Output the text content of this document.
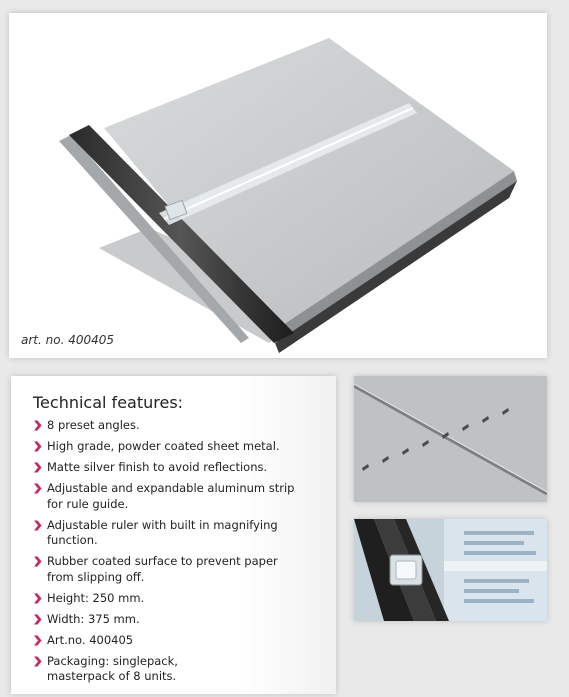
art. no. 400405
Technical features:
8 preset angles.
High grade, powder coated sheet metal.
Matte silver finish to avoid reflections.
Adjustable and expandable aluminum strip
for rule guide.
Adjustable ruler with built in magnifying
function.
Rubber coated surface to prevent paper
from slipping off.
Height: 250 mm.
Width: 375 mm.
Art.no. 400405
Packaging: singlepack,
masterpack of 8 units.
